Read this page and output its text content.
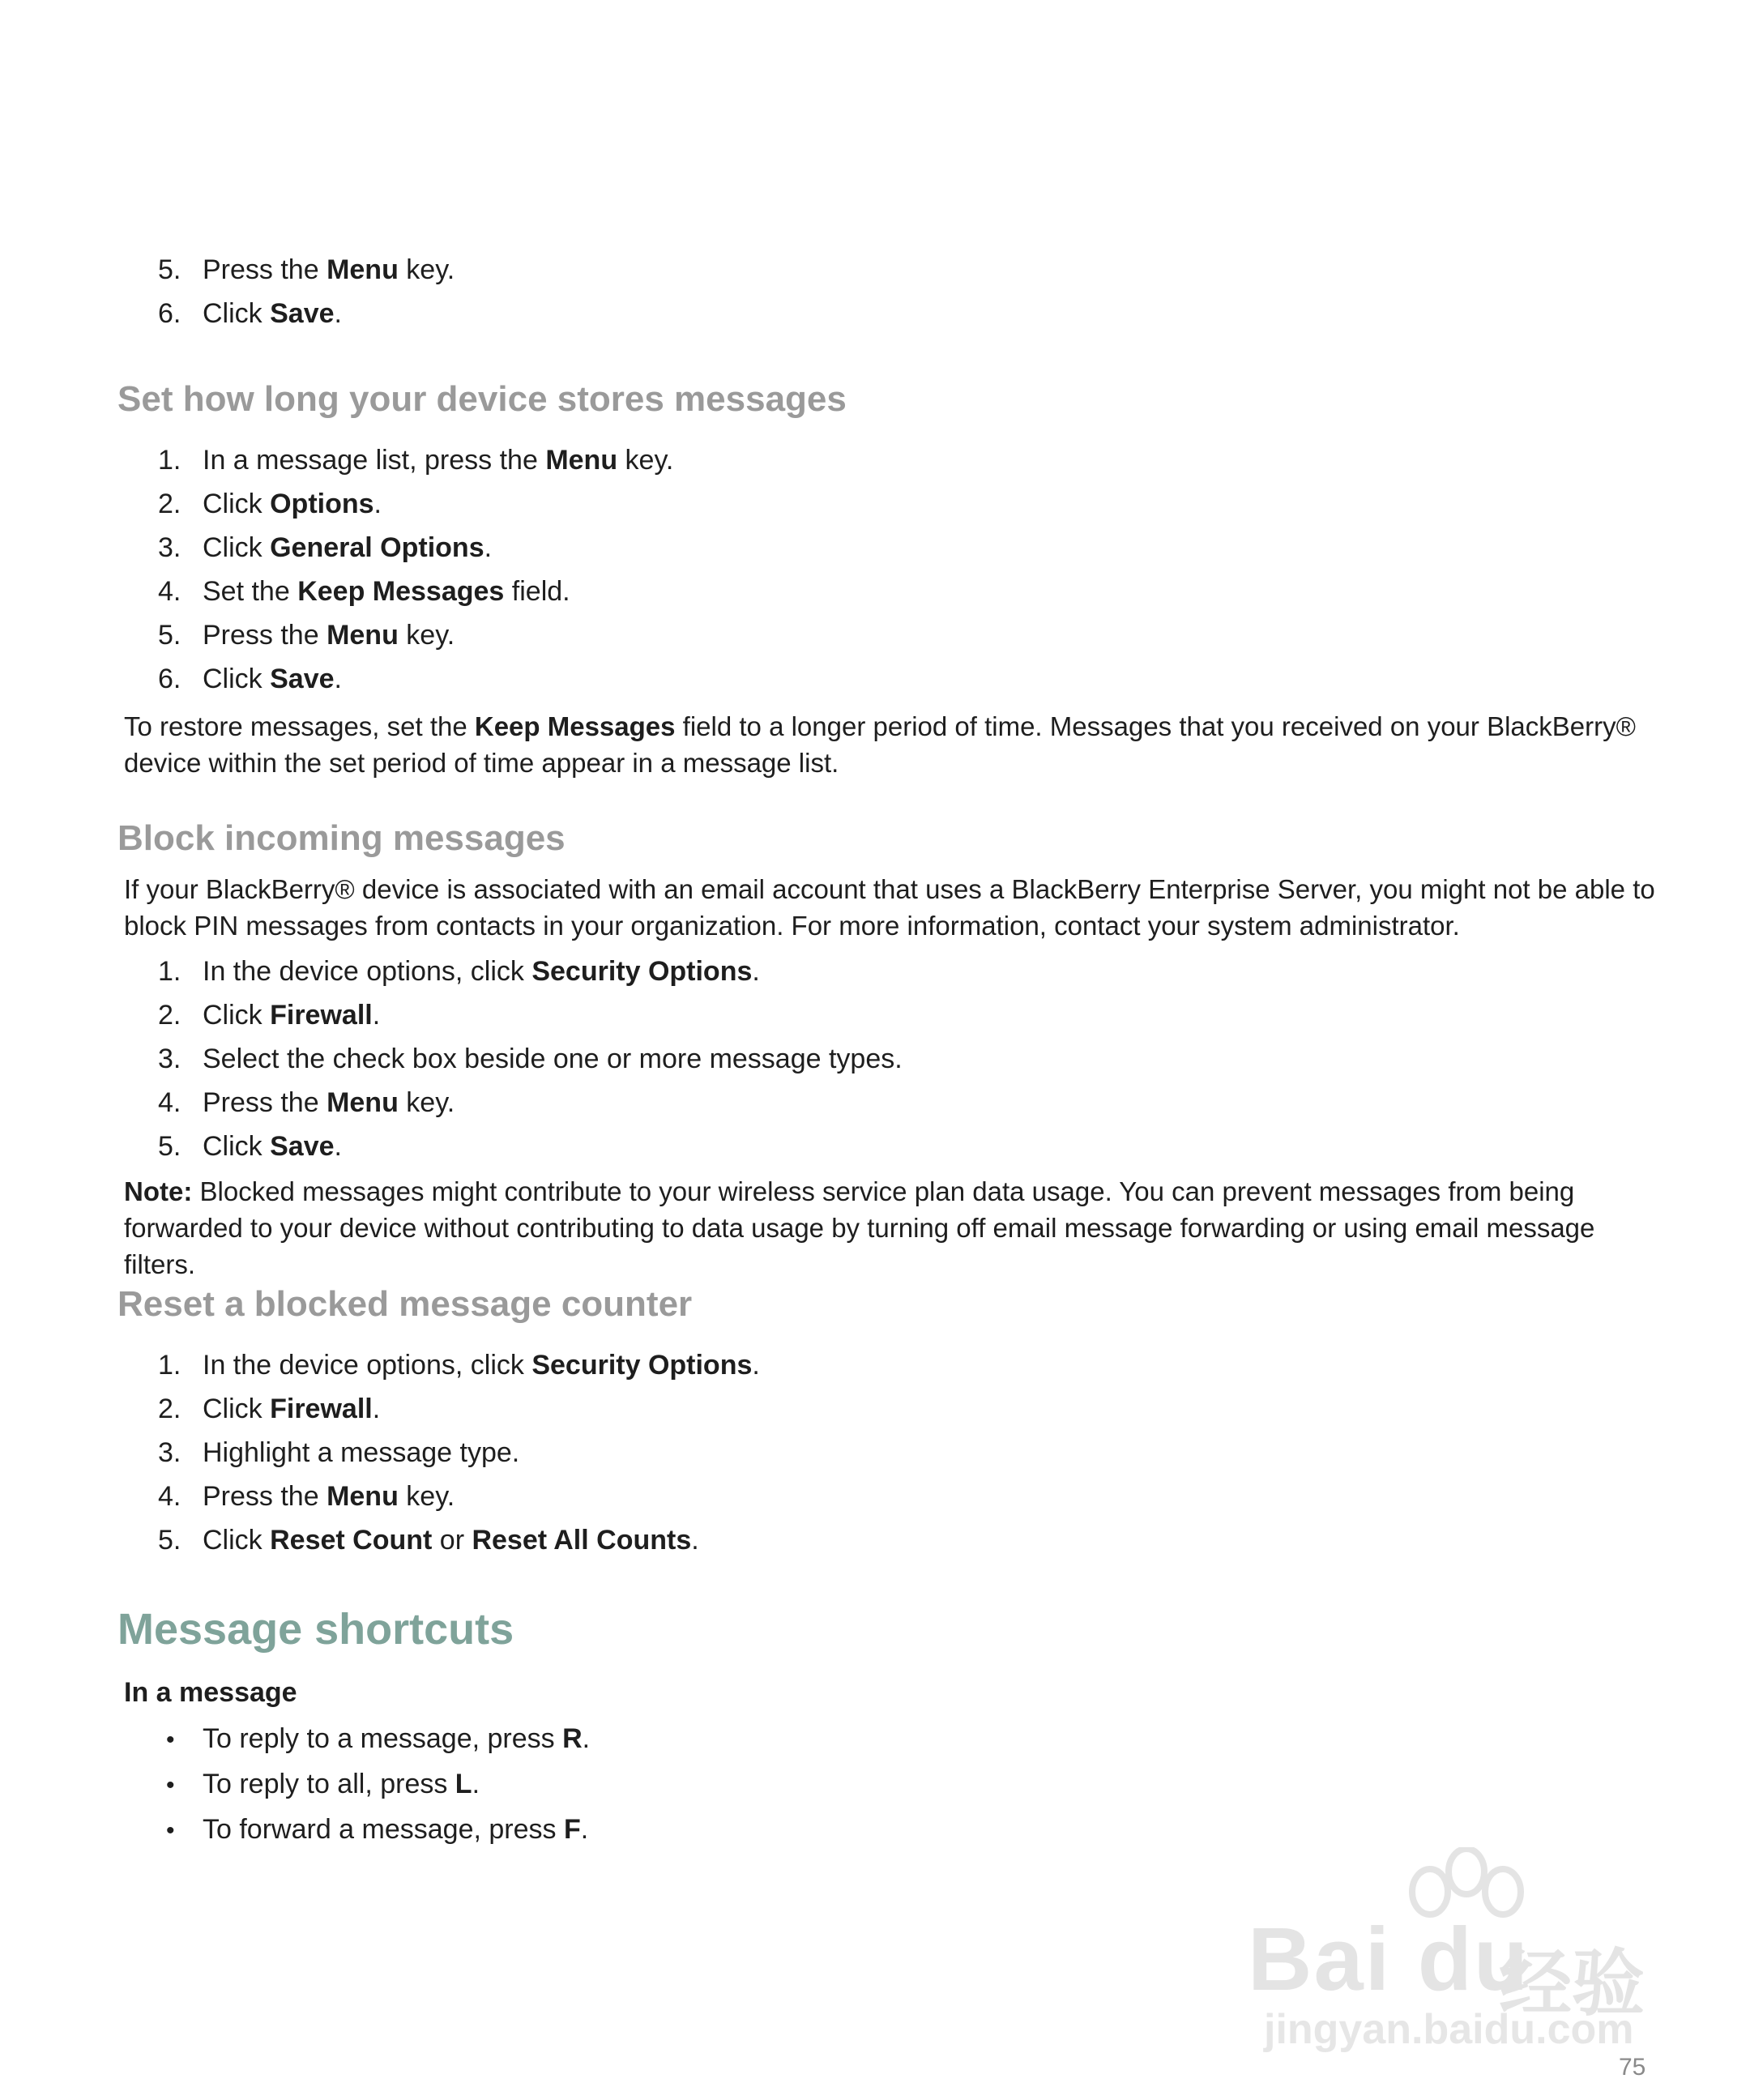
5. Press the Menu key.
6. Click Save.
Set how long your device stores messages
1. In a message list, press the Menu key.
2. Click Options.
3. Click General Options.
4. Set the Keep Messages field.
5. Press the Menu key.
6. Click Save.

To restore messages, set the Keep Messages field to a longer period of time. Messages that you received on your BlackBerry® device within the set period of time appear in a message list.

Block incoming messages

If your BlackBerry® device is associated with an email account that uses a BlackBerry Enterprise Server, you might not be able to block PIN messages from contacts in your organization. For more information, contact your system administrator.

1. In the device options, click Security Options.
2. Click Firewall.
3. Select the check box beside one or more message types.
4. Press the Menu key.
5. Click Save.

Note: Blocked messages might contribute to your wireless service plan data usage. You can prevent messages from being forwarded to your device without contributing to data usage by turning off email message forwarding or using email message filters.

Reset a blocked message counter
1. In the device options, click Security Options.
2. Click Firewall.
3. Highlight a message type.
4. Press the Menu key.
5. Click Reset Count or Reset All Counts.
Message shortcuts
In a message
• To reply to a message, press R.
• To reply to all, press L.
• To forward a message, press F.
Bai du
经验
jingyan.baidu.com
75
